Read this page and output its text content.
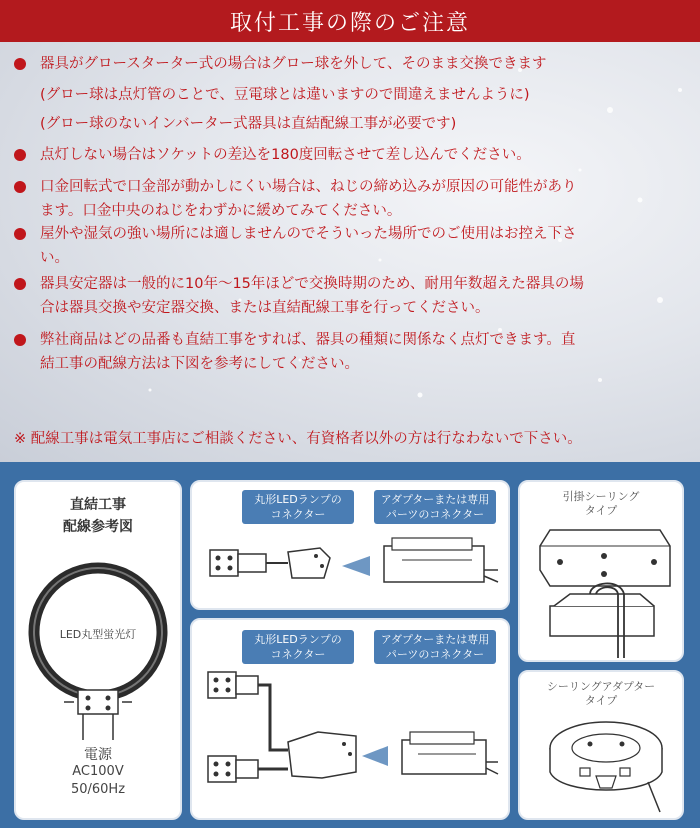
取付工事の際のご注意
器具がグロースターター式の場合はグロー球を外して、そのまま交換できます
(グロー球は点灯管のことで、豆電球とは違いますので間違えませんように)
(グロー球のないインバーター式器具は直結配線工事が必要です)
点灯しない場合はソケットの差込を180度回転させて差し込んでください。
口金回転式で口金部が動かしにくい場合は、ねじの締め込みが原因の可能性があり
ます。口金中央のねじをわずかに緩めてみてください。
屋外や湿気の強い場所には適しませんのでそういった場所でのご使用はお控え下さ
い。
器具安定器は一般的に10年〜15年ほどで交換時期のため、耐用年数超えた器具の場
合は器具交換や安定器交換、または直結配線工事を行ってください。
弊社商品はどの品番も直結工事をすれば、器具の種類に関係なく点灯できます。直
結工事の配線方法は下図を参考にしてください。
※ 配線工事は電気工事店にご相談ください、有資格者以外の方は行なわないで下さい。
直結工事
配線参考図
LED丸型蛍光灯
電源
AC100V
50/60Hz
丸形LEDランプの
コネクター
アダプターまたは専用
パーツのコネクター
丸形LEDランプの
コネクター
アダプターまたは専用
パーツのコネクター
引掛シーリング
タイプ
シーリングアダプター
タイプ
